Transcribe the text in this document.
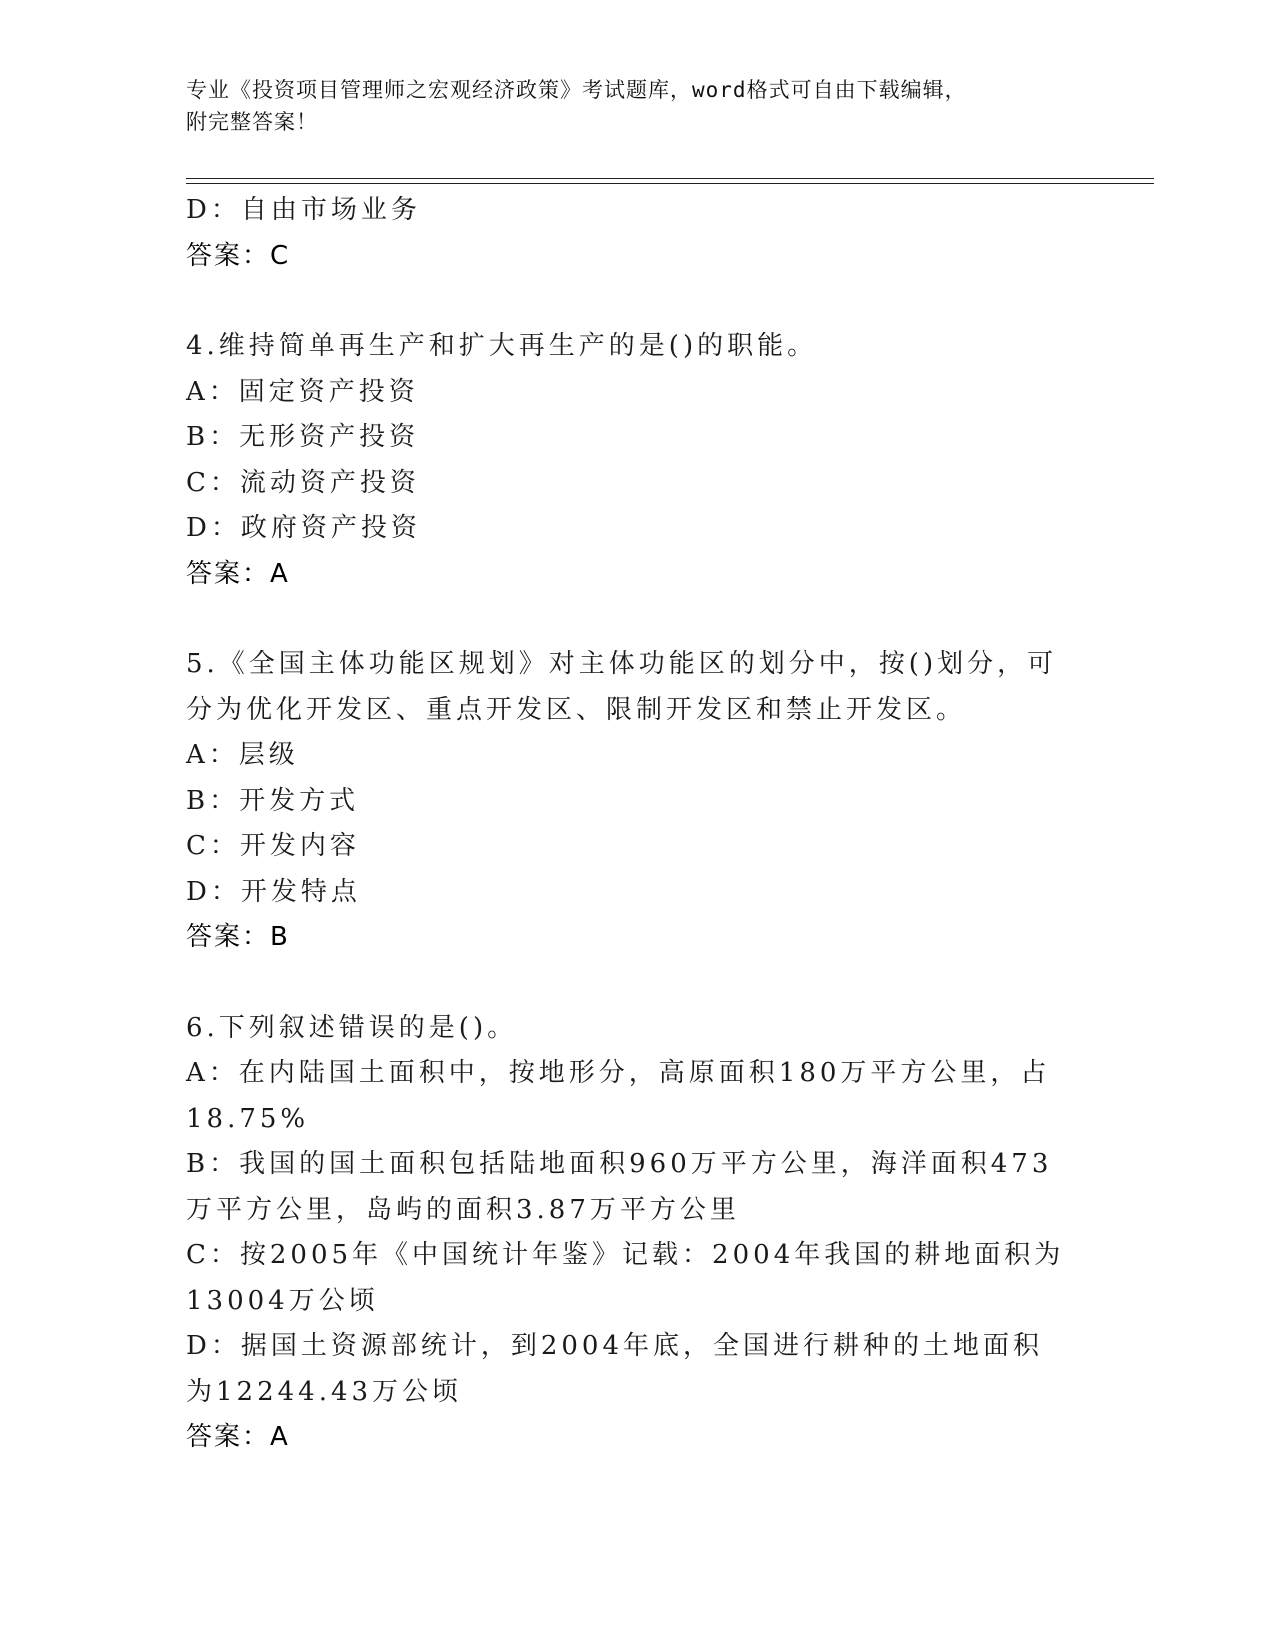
专业《投资项目管理师之宏观经济政策》考试题库，word格式可自由下载编辑，
附完整答案！
D：自由市场业务
答案：C
4.维持简单再生产和扩大再生产的是()的职能。
A：固定资产投资
B：无形资产投资
C：流动资产投资
D：政府资产投资
答案：A
5.《全国主体功能区规划》对主体功能区的划分中，按()划分，可分为优化开发区、重点开发区、限制开发区和禁止开发区。
A：层级
B：开发方式
C：开发内容
D：开发特点
答案：B
6.下列叙述错误的是()。
A：在内陆国土面积中，按地形分，高原面积180万平方公里，占18.75%
B：我国的国土面积包括陆地面积960万平方公里，海洋面积473万平方公里，岛屿的面积3.87万平方公里
C：按2005年《中国统计年鉴》记载：2004年我国的耕地面积为13004万公顷
D：据国土资源部统计，到2004年底，全国进行耕种的土地面积为12244.43万公顷
答案：A
